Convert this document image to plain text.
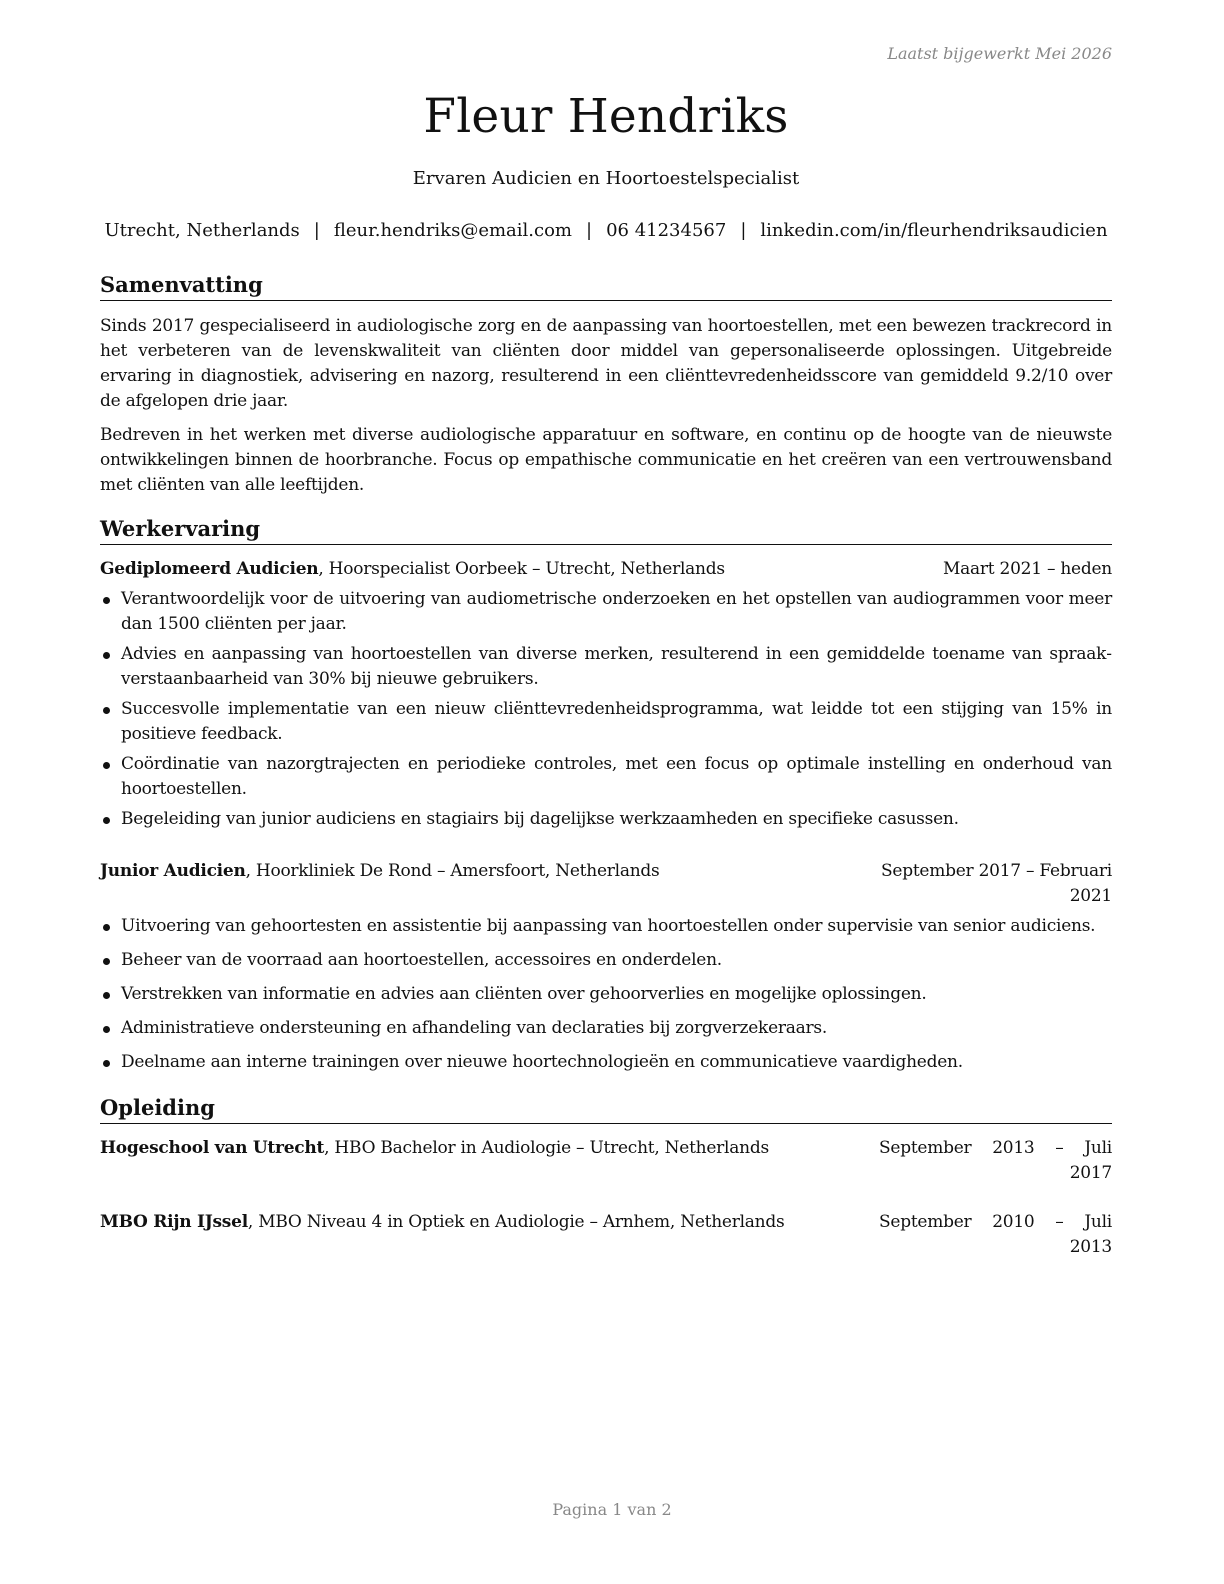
Laatst bijgewerkt Mei 2026
Fleur Hendriks
Ervaren Audicien en Hoortoestelspecialist
Utrecht, Netherlands | fleur.hendriks@email.com | 06 41234567 | linkedin.com/in/fleurhendriksaudicien
Samenvatting

Sinds 2017 gespecialiseerd in audiologische zorg en de aanpassing van hoortoestellen, met een bewezen trackrecord in het verbeteren van de levenskwaliteit van cliënten door middel van gepersonaliseerde oplossingen. Uitgebreide ervaring in diagnostiek, advisering en nazorg, resulterend in een cliënttevredenheidsscore van gemiddeld 9.2/10 over de afgelopen drie jaar.

Bedreven in het werken met diverse audiologische apparatuur en software, en continu op de hoogte van de nieuwste ontwikkelingen binnen de hoorbranche. Focus op empathische communicatie en het creëren van een vertrouwensband met cliënten van alle leeftijden.

Werkervaring
Gediplomeerd Audicien, Hoorspecialist Oorbeek – Utrecht, Netherlands	Maart 2021 – heden
Verantwoordelijk voor de uitvoering van audiometrische onderzoeken en het opstellen van audiogrammen voor meer dan 1500 cliënten per jaar.
Advies en aanpassing van hoortoestellen van diverse merken, resulterend in een gemiddelde toename van spraakverstaanbaarheid van 30% bij nieuwe gebruikers.
Succesvolle implementatie van een nieuw cliënttevredenheidsprogramma, wat leidde tot een stijging van 15% in positieve feedback.
Coördinatie van nazorgtrajecten en periodieke controles, met een focus op optimale instelling en onderhoud van hoortoestellen.
Begeleiding van junior audiciens en stagiairs bij dagelijkse werkzaamheden en specifieke casussen.
Junior Audicien, Hoorkliniek De Rond – Amersfoort, Netherlands	September 2017 – Februari
2021
Uitvoering van gehoortesten en assistentie bij aanpassing van hoortoestellen onder supervisie van senior audiciens.
Beheer van de voorraad aan hoortoestellen, accessoires en onderdelen.
Verstrekken van informatie en advies aan cliënten over gehoorverlies en mogelijke oplossingen.
Administratieve ondersteuning en afhandeling van declaraties bij zorgverzekeraars.
Deelname aan interne trainingen over nieuwe hoortechnologieën en communicatieve vaardigheden.
Opleiding
Hogeschool van Utrecht, HBO Bachelor in Audiologie – Utrecht, Netherlands	September 2013 – Juli
2017
MBO Rijn IJssel, MBO Niveau 4 in Optiek en Audiologie – Arnhem, Netherlands	September 2010 – Juli
2013
Pagina 1 van 2
